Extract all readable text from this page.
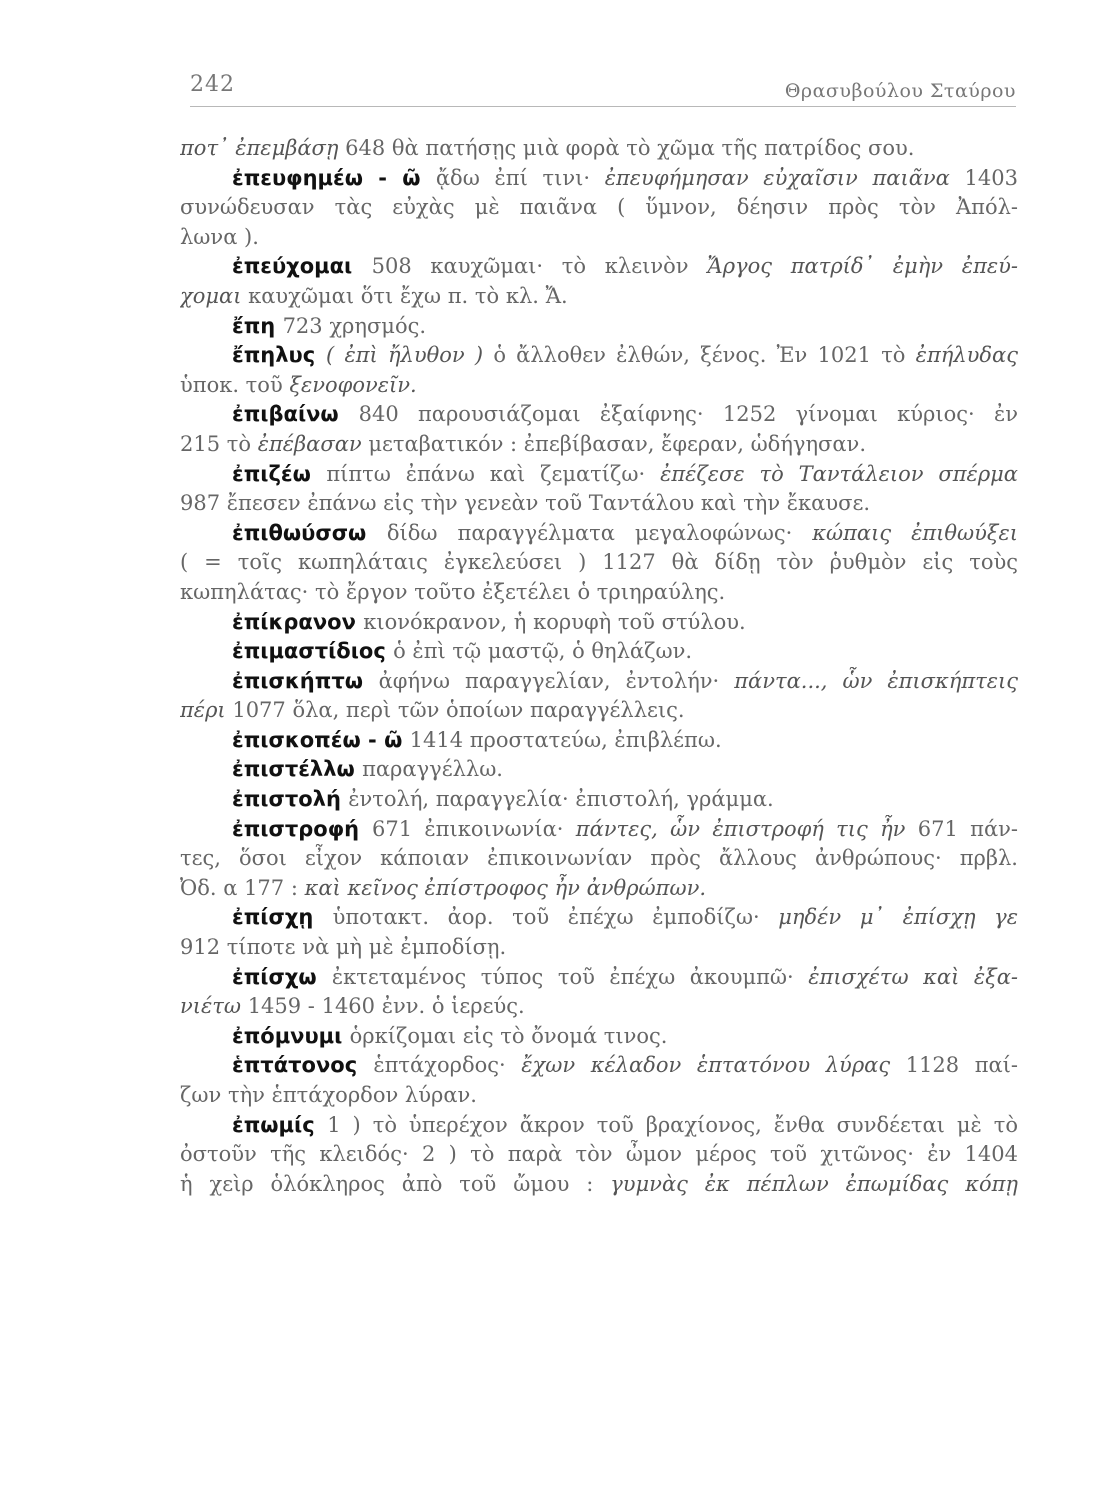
242	Θρασυβούλου Σταύρου
ποτ᾽ ἐπεμβάσῃ 648 θὰ πατήσῃς μιὰ φορὰ τὸ χῶμα τῆς πατρίδος σου.
ἐπευφημέω - ῶ ᾄδω ἐπί τινι· ἐπευφήμησαν εὐχαῖσιν παιᾶνα 1403
συνώδευσαν τὰς εὐχὰς μὲ παιᾶνα ( ὕμνον, δέησιν πρὸς τὸν Ἀπόλ-
λωνα ).
ἐπεύχομαι 508 καυχῶμαι· τὸ κλεινὸν Ἄργος πατρίδ᾽ ἐμὴν ἐπεύ-
χομαι καυχῶμαι ὅτι ἔχω π. τὸ κλ. Ἄ.
ἔπη 723 χρησμός.
ἔπηλυς ( ἐπὶ ἤλυθον ) ὁ ἄλλοθεν ἐλθών, ξένος. Ἐν 1021 τὸ ἐπήλυδας
ὑποκ. τοῦ ξενοφονεῖν.
ἐπιβαίνω 840 παρουσιάζομαι ἐξαίφνης· 1252 γίνομαι κύριος· ἐν
215 τὸ ἐπέβασαν μεταβατικόν : ἐπεβίβασαν, ἔφεραν, ὡδήγησαν.
ἐπιζέω πίπτω ἐπάνω καὶ ζεματίζω· ἐπέζεσε τὸ Ταντάλειον σπέρμα
987 ἔπεσεν ἐπάνω εἰς τὴν γενεὰν τοῦ Ταντάλου καὶ τὴν ἔκαυσε.
ἐπιθωύσσω δίδω παραγγέλματα μεγαλοφώνως· κώπαις ἐπιθωύξει
( = τοῖς κωπηλάταις ἐγκελεύσει ) 1127 θὰ δίδῃ τὸν ῥυθμὸν εἰς τοὺς
κωπηλάτας· τὸ ἔργον τοῦτο ἐξετέλει ὁ τριηραύλης.
ἐπίκρανον κιονόκρανον, ἡ κορυφὴ τοῦ στύλου.
ἐπιμαστίδιος ὁ ἐπὶ τῷ μαστῷ, ὁ θηλάζων.
ἐπισκήπτω ἀφήνω παραγγελίαν, ἐντολήν· πάντα..., ὧν ἐπισκήπτεις
πέρι 1077 ὅλα, περὶ τῶν ὁποίων παραγγέλλεις.
ἐπισκοπέω - ῶ 1414 προστατεύω, ἐπιβλέπω.
ἐπιστέλλω παραγγέλλω.
ἐπιστολή ἐντολή, παραγγελία· ἐπιστολή, γράμμα.
ἐπιστροφή 671 ἐπικοινωνία· πάντες, ὧν ἐπιστροφή τις ἦν 671 πάν-
τες, ὅσοι εἶχον κάποιαν ἐπικοινωνίαν πρὸς ἄλλους ἀνθρώπους· πρβλ.
Ὀδ. α 177 : καὶ κεῖνος ἐπίστροφος ἦν ἀνθρώπων.
ἐπίσχῃ ὑποτακτ. ἀορ. τοῦ ἐπέχω ἐμποδίζω· μηδέν μ᾽ ἐπίσχῃ γε
912 τίποτε νὰ μὴ μὲ ἐμποδίσῃ.
ἐπίσχω ἐκτεταμένος τύπος τοῦ ἐπέχω ἀκουμπῶ· ἐπισχέτω καὶ ἐξα-
νιέτω 1459 - 1460 ἐνν. ὁ ἱερεύς.
ἐπόμνυμι ὁρκίζομαι εἰς τὸ ὄνομά τινος.
ἑπτάτονος ἑπτάχορδος· ἔχων κέλαδον ἑπτατόνου λύρας 1128 παί-
ζων τὴν ἑπτάχορδον λύραν.
ἐπωμίς 1 ) τὸ ὑπερέχον ἄκρον τοῦ βραχίονος, ἔνθα συνδέεται μὲ τὸ
ὀστοῦν τῆς κλειδός· 2 ) τὸ παρὰ τὸν ὦμον μέρος τοῦ χιτῶνος· ἐν 1404
ἡ χεὶρ ὁλόκληρος ἀπὸ τοῦ ὤμου : γυμνὰς ἐκ πέπλων ἐπωμίδας κόπῃ
